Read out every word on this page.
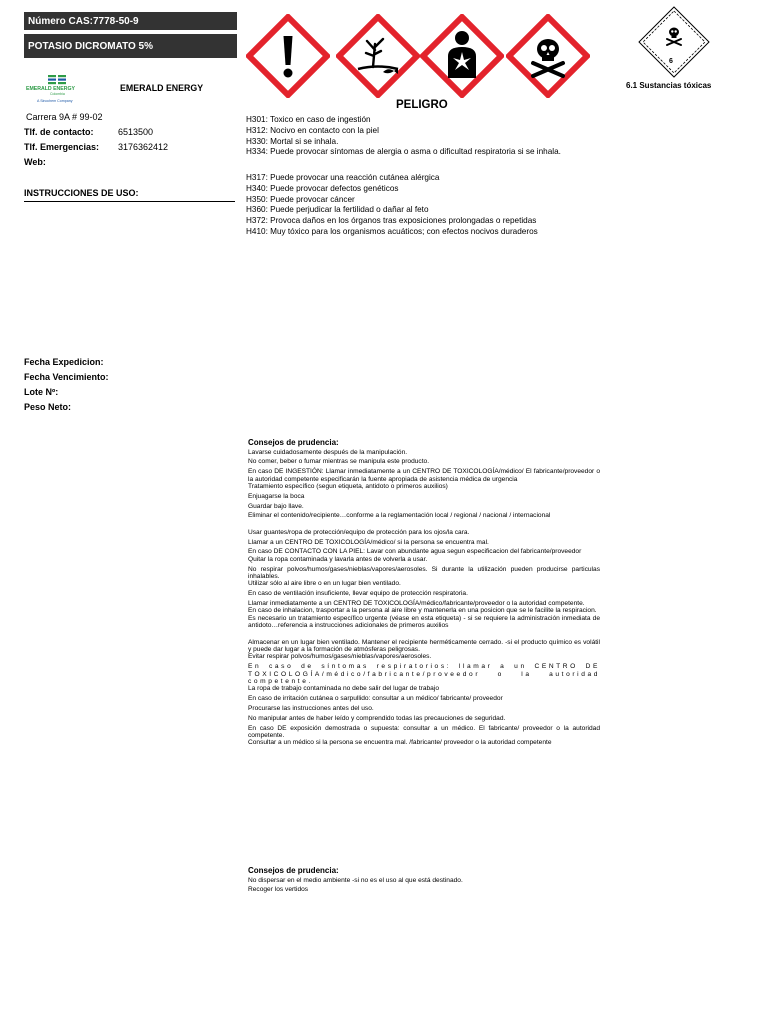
Número CAS: 7778-50-9
POTASIO DICROMATO 5%
EMERALD ENERGY
Colombia
A Sinochem Company
EMERALD ENERGY
Carrera 9A # 99-02
Tlf. de contacto:	6513500
Tlf. Emergencias: 3176362412
Web:
INSTRUCCIONES DE USO:
6
6.1 Sustancias tóxicas
PELIGRO
H301: Toxico en caso de ingestión
H312: Nocivo en contacto con la piel
H330: Mortal si se inhala.
H334: Puede provocar síntomas de alergia o asma o dificultad respiratoria si se inhala.
H317: Puede provocar una reacción cutánea alérgica
H340: Puede provocar defectos genéticos
H350: Puede provocar cáncer
H360: Puede perjudicar la fertilidad o dañar al feto
H372: Provoca daños en los órganos tras exposiciones prolongadas o repetidas
H410: Muy tóxico para los organismos acuáticos; con efectos nocivos duraderos
Fecha Expedicion:
Fecha Vencimiento:
Lote Nº:
Peso Neto:
Consejos de prudencia:
Lavarse cuidadosamente después de la manipulación.
No comer, beber o fumar mientras se manipula este producto.
En caso DE INGESTIÓN: Llamar inmediatamente a un CENTRO DE TOXICOLOGÍA/médico/ El fabricante/proveedor o la autoridad competente especificarán la fuente apropiada de asistencia médica de urgencia
Tratamiento específico (segun etiqueta, antidoto o primeros auxilios)
Enjuagarse la boca
Guardar bajo llave.
Eliminar el contenido/recipiente…conforme a la reglamentación local / regional / nacional / internacional
Usar guantes/ropa de protección/equipo de protección para los ojos/la cara.
Llamar a un CENTRO DE TOXICOLOGÍA/médico/ si la persona se encuentra mal.
En caso DE CONTACTO CON LA PIEL: Lavar con abundante agua segun especificacion del fabricante/proveedor
Quitar la ropa contaminada y lavarla antes de volverla a usar.
No respirar polvos/humos/gases/nieblas/vapores/aerosoles. Si durante la utilización pueden producirse particulas inhalables.
Utilizar sólo al aire libre o en un lugar bien ventilado.
En caso de ventilación insuficiente, llevar equipo de protección respiratoria.
Llamar inmediatamente a un CENTRO DE TOXICOLOGÍA/médico/fabricante/proveedor o la autoridad competente.
En caso de inhalacion, trasportar a la persona al aire libre y mantenerla en una posicion que se le facilite la respiracion.
Es necesario un tratamiento específico urgente (véase en esta etiqueta) - si se requiere la administración inmediata de antidoto…referencia a instrucciones adicionales de primeros auxilios
Almacenar en un lugar bien ventilado. Mantener el recipiente herméticamente cerrado. -si el producto químico es volátil y puede dar lugar a la formación de atmósferas peligrosas.
Evitar respirar polvos/humos/gases/nieblas/vapores/aerosoles.
En caso de síntomas respiratorios: llamar a un CENTRO DE TOXICOLOGÍA/médico/fabricante/proveedor o la autoridad competente.
La ropa de trabajo contaminada no debe salir del lugar de trabajo
En caso de irritación cutánea o sarpullido: consultar a un médico/ fabricante/ proveedor
Procurarse las instrucciones antes del uso.
No manipular antes de haber leído y comprendido todas las precauciones de seguridad.
En caso DE exposición demostrada o supuesta: consultar a un médico. El fabricante/ proveedor o la autoridad competente.
Consultar a un médico si la persona se encuentra mal. /fabricante/ proveedor o la autoridad competente
Consejos de prudencia:
No dispersar en el medio ambiente -si no es el uso al que está destinado.
Recoger los vertidos
